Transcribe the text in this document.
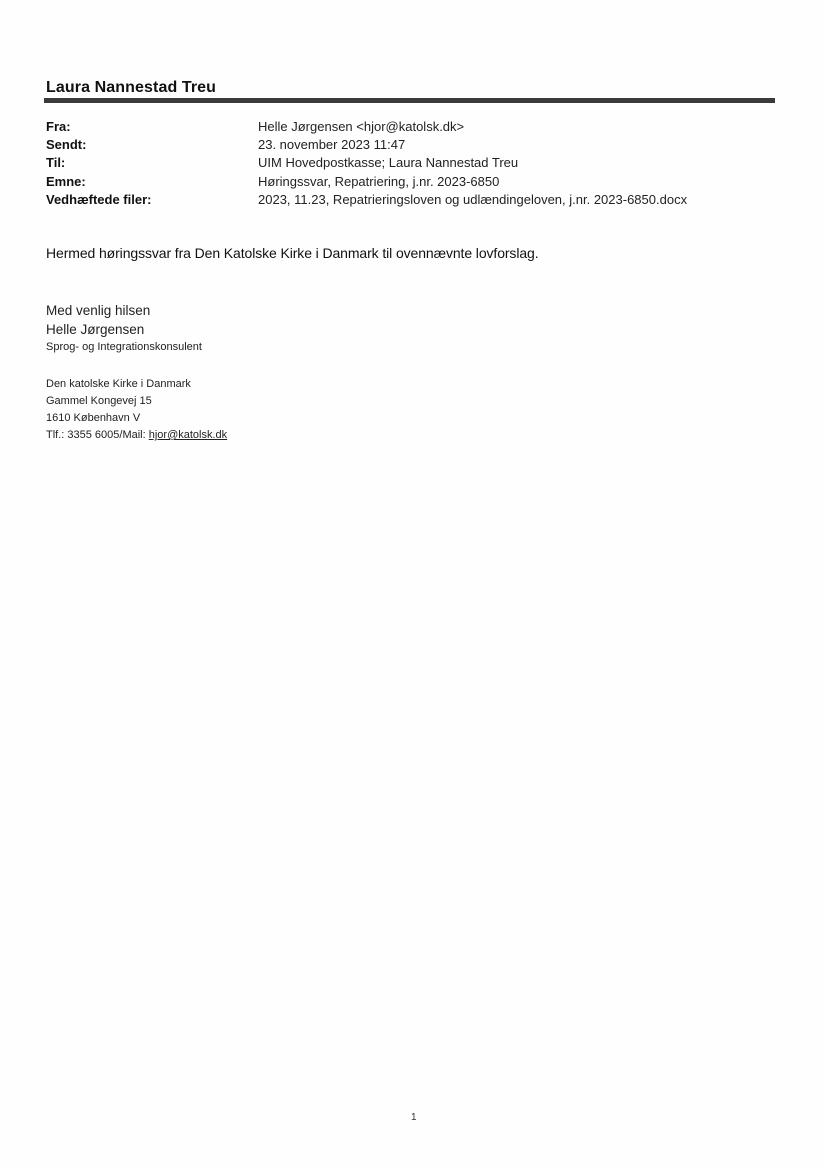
Laura Nannestad Treu
Fra:	Helle Jørgensen <hjor@katolsk.dk>
Sendt:	23. november 2023 11:47
Til:	UIM Hovedpostkasse; Laura Nannestad Treu
Emne:	Høringssvar, Repatriering, j.nr. 2023-6850
Vedhæftede filer:	2023, 11.23, Repatrieringsloven og udlændingeloven, j.nr. 2023-6850.docx
Hermed høringssvar fra Den Katolske Kirke i Danmark til ovennævnte lovforslag.
Med venlig hilsen
Helle Jørgensen
Sprog- og Integrationskonsulent
Den katolske Kirke i Danmark
Gammel Kongevej 15
1610 København V
Tlf.: 3355 6005/Mail: hjor@katolsk.dk
1
